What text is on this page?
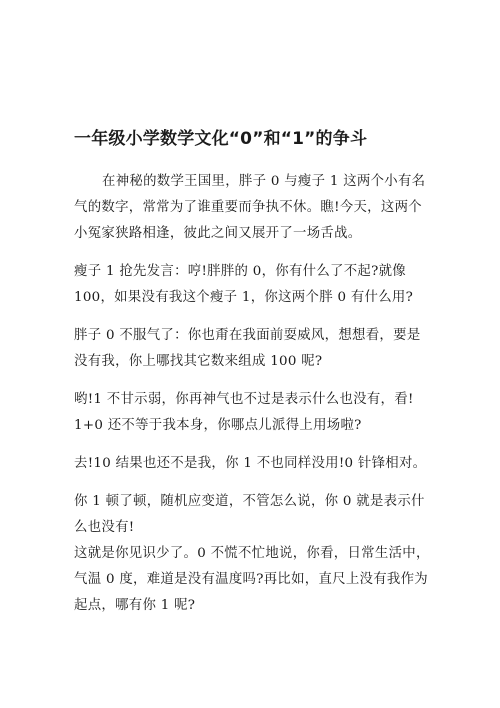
一年级小学数学文化“0”和“1”的争斗

在神秘的数学王国里，胖子 0 与瘦子 1 这两个小有名
气的数字，常常为了谁重要而争执不休。瞧!今天，这两个
小冤家狭路相逢，彼此之间又展开了一场舌战。

瘦子 1 抢先发言：哼!胖胖的 0，你有什么了不起?就像
100，如果没有我这个瘦子 1，你这两个胖 0 有什么用?

胖子 0 不服气了：你也甭在我面前耍威风，想想看，要是
没有我，你上哪找其它数来组成 100 呢?

哟!1 不甘示弱，你再神气也不过是表示什么也没有，看!
1+0 还不等于我本身，你哪点儿派得上用场啦?

去!10 结果也还不是我，你 1 不也同样没用!0 针锋相对。

你 1 顿了顿，随机应变道，不管怎么说，你 0 就是表示什
么也没有!

这就是你见识少了。0 不慌不忙地说，你看，日常生活中，
气温 0 度，难道是没有温度吗?再比如，直尺上没有我作为
起点，哪有你 1 呢?
